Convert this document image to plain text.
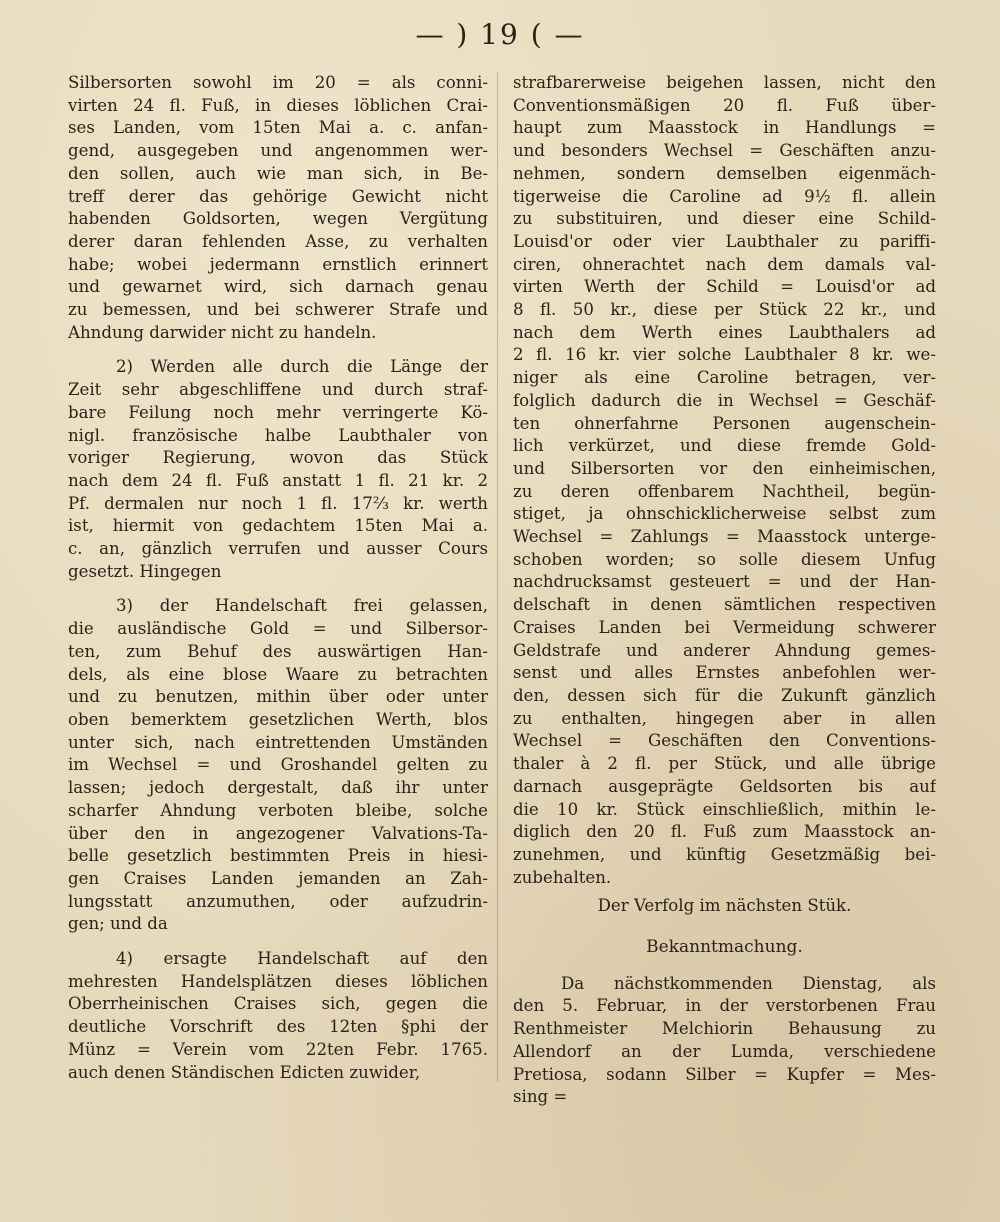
— ) 19 ( —
Silbersorten sowohl im 20 = als conni-
virten 24 fl. Fuß, in dieses löblichen Crai-
ses Landen, vom 15ten Mai a. c. anfan-
gend, ausgegeben und angenommen wer-
den sollen, auch wie man sich, in Be-
treff derer das gehörige Gewicht nicht
habenden Goldsorten, wegen Vergütung
derer daran fehlenden Asse, zu verhalten
habe; wobei jedermann ernstlich erinnert
und gewarnet wird, sich darnach genau
zu bemessen, und bei schwerer Strafe und
Ahndung darwider nicht zu handeln.
2) Werden alle durch die Länge der
Zeit sehr abgeschliffene und durch straf-
bare Feilung noch mehr verringerte Kö-
nigl. französische halbe Laubthaler von
voriger Regierung, wovon das Stück
nach dem 24 fl. Fuß anstatt 1 fl. 21 kr. 2
Pf. dermalen nur noch 1 fl. 17⅔ kr. werth
ist, hiermit von gedachtem 15ten Mai a.
c. an, gänzlich verrufen und ausser Cours
gesetzt. Hingegen
3) der Handelschaft frei gelassen,
die ausländische Gold = und Silbersor-
ten, zum Behuf des auswärtigen Han-
dels, als eine blose Waare zu betrachten
und zu benutzen, mithin über oder unter
oben bemerktem gesetzlichen Werth, blos
unter sich, nach eintrettenden Umständen
im Wechsel = und Groshandel gelten zu
lassen; jedoch dergestalt, daß ihr unter
scharfer Ahndung verboten bleibe, solche
über den in angezogener Valvations-Ta-
belle gesetzlich bestimmten Preis in hiesi-
gen Craises Landen jemanden an Zah-
lungsstatt anzumuthen, oder aufzudrin-
gen; und da
4) ersagte Handelschaft auf den
mehresten Handelsplätzen dieses löblichen
Oberrheinischen Craises sich, gegen die
deutliche Vorschrift des 12ten §phi der
Münz = Verein vom 22ten Febr. 1765.
auch denen Ständischen Edicten zuwider,
strafbarerweise beigehen lassen, nicht den
Conventionsmäßigen 20 fl. Fuß über-
haupt zum Maasstock in Handlungs =
und besonders Wechsel = Geschäften anzu-
nehmen, sondern demselben eigenmäch-
tigerweise die Caroline ad 9½ fl. allein
zu substituiren, und dieser eine Schild-
Louisd'or oder vier Laubthaler zu pariffi-
ciren, ohnerachtet nach dem damals val-
virten Werth der Schild = Louisd'or ad
8 fl. 50 kr., diese per Stück 22 kr., und
nach dem Werth eines Laubthalers ad
2 fl. 16 kr. vier solche Laubthaler 8 kr. we-
niger als eine Caroline betragen, ver-
folglich dadurch die in Wechsel = Geschäf-
ten ohnerfahrne Personen augenschein-
lich verkürzet, und diese fremde Gold-
und Silbersorten vor den einheimischen,
zu deren offenbarem Nachtheil, begün-
stiget, ja ohnschicklicherweise selbst zum
Wechsel = Zahlungs = Maasstock unterge-
schoben worden; so solle diesem Unfug
nachdrucksamst gesteuert = und der Han-
delschaft in denen sämtlichen respectiven
Craises Landen bei Vermeidung schwerer
Geldstrafe und anderer Ahndung gemes-
senst und alles Ernstes anbefohlen wer-
den, dessen sich für die Zukunft gänzlich
zu enthalten, hingegen aber in allen
Wechsel = Geschäften den Conventions-
thaler à 2 fl. per Stück, und alle übrige
darnach ausgeprägte Geldsorten bis auf
die 10 kr. Stück einschließlich, mithin le-
diglich den 20 fl. Fuß zum Maasstock an-
zunehmen, und künftig Gesetzmäßig bei-
zubehalten.
Der Verfolg im nächsten Stük.
Bekanntmachung.
Da nächstkommenden Dienstag, als
den 5. Februar, in der verstorbenen Frau
Renthmeister Melchiorin Behausung zu
Allendorf an der Lumda, verschiedene
Pretiosa, sodann Silber = Kupfer = Mes-
sing =
